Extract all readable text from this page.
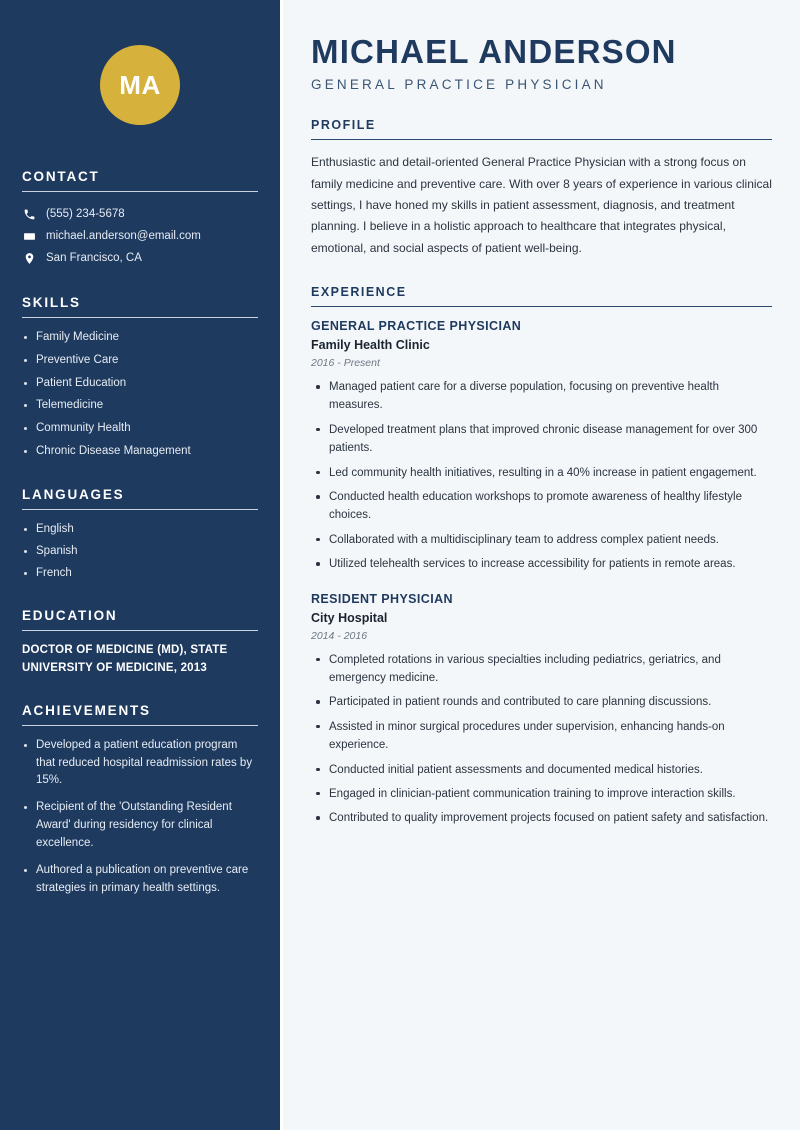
MA
CONTACT
(555) 234-5678
michael.anderson@email.com
San Francisco, CA
SKILLS
Family Medicine
Preventive Care
Patient Education
Telemedicine
Community Health
Chronic Disease Management
LANGUAGES
English
Spanish
French
EDUCATION
DOCTOR OF MEDICINE (MD), STATE UNIVERSITY OF MEDICINE, 2013
ACHIEVEMENTS
Developed a patient education program that reduced hospital readmission rates by 15%.
Recipient of the 'Outstanding Resident Award' during residency for clinical excellence.
Authored a publication on preventive care strategies in primary health settings.
MICHAEL ANDERSON
GENERAL PRACTICE PHYSICIAN
PROFILE

Enthusiastic and detail-oriented General Practice Physician with a strong focus on family medicine and preventive care. With over 8 years of experience in various clinical settings, I have honed my skills in patient assessment, diagnosis, and treatment planning. I believe in a holistic approach to healthcare that integrates physical, emotional, and social aspects of patient well-being.

EXPERIENCE
GENERAL PRACTICE PHYSICIAN
Family Health Clinic
2016 - Present
Managed patient care for a diverse population, focusing on preventive health measures.
Developed treatment plans that improved chronic disease management for over 300 patients.
Led community health initiatives, resulting in a 40% increase in patient engagement.
Conducted health education workshops to promote awareness of healthy lifestyle choices.
Collaborated with a multidisciplinary team to address complex patient needs.
Utilized telehealth services to increase accessibility for patients in remote areas.
RESIDENT PHYSICIAN
City Hospital
2014 - 2016
Completed rotations in various specialties including pediatrics, geriatrics, and emergency medicine.
Participated in patient rounds and contributed to care planning discussions.
Assisted in minor surgical procedures under supervision, enhancing hands-on experience.
Conducted initial patient assessments and documented medical histories.
Engaged in clinician-patient communication training to improve interaction skills.
Contributed to quality improvement projects focused on patient safety and satisfaction.
